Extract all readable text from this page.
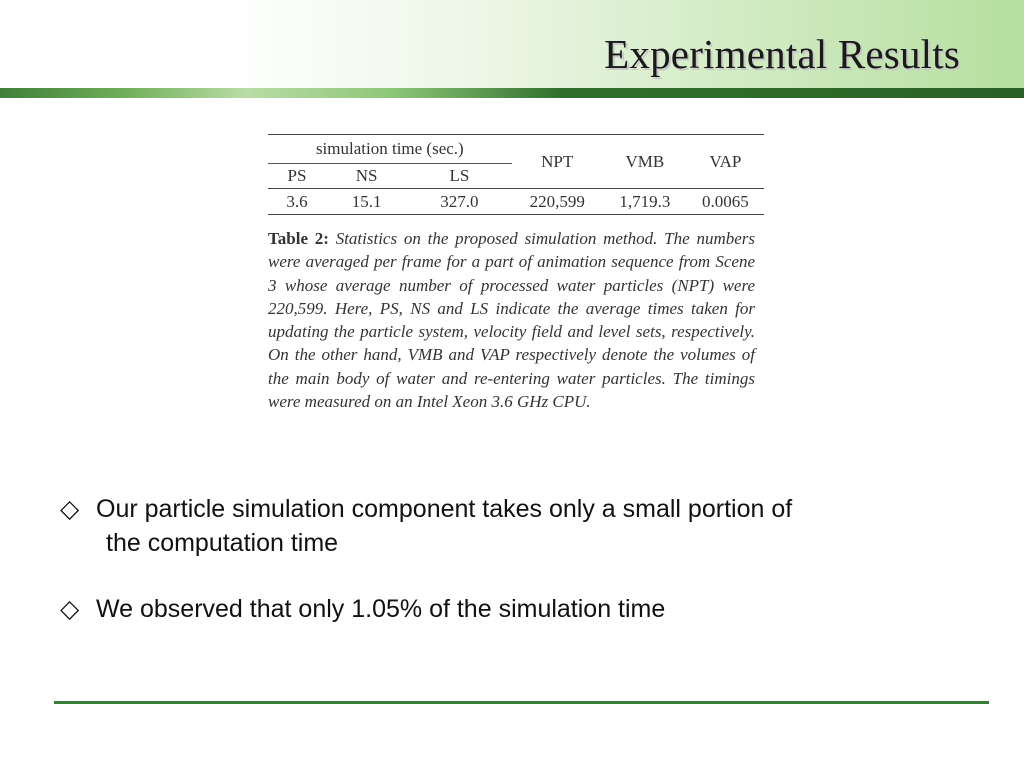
Experimental Results
simulation time (sec.)			NPT	VMB	VAP
PS	NS	LS			
3.6	15.1	327.0	220,599	1,719.3	0.0065
Table 2: Statistics on the proposed simulation method. The numbers were averaged per frame for a part of animation sequence from Scene 3 whose average number of processed water particles (NPT) were 220,599. Here, PS, NS and LS indicate the average times taken for updating the particle system, velocity field and level sets, respectively. On the other hand, VMB and VAP respectively denote the volumes of the main body of water and re-entering water particles. The timings were measured on an Intel Xeon 3.6 GHz CPU.
◇ Our particle simulation component takes only a small portion of
the computation time
◇ We observed that only 1.05% of the simulation time
